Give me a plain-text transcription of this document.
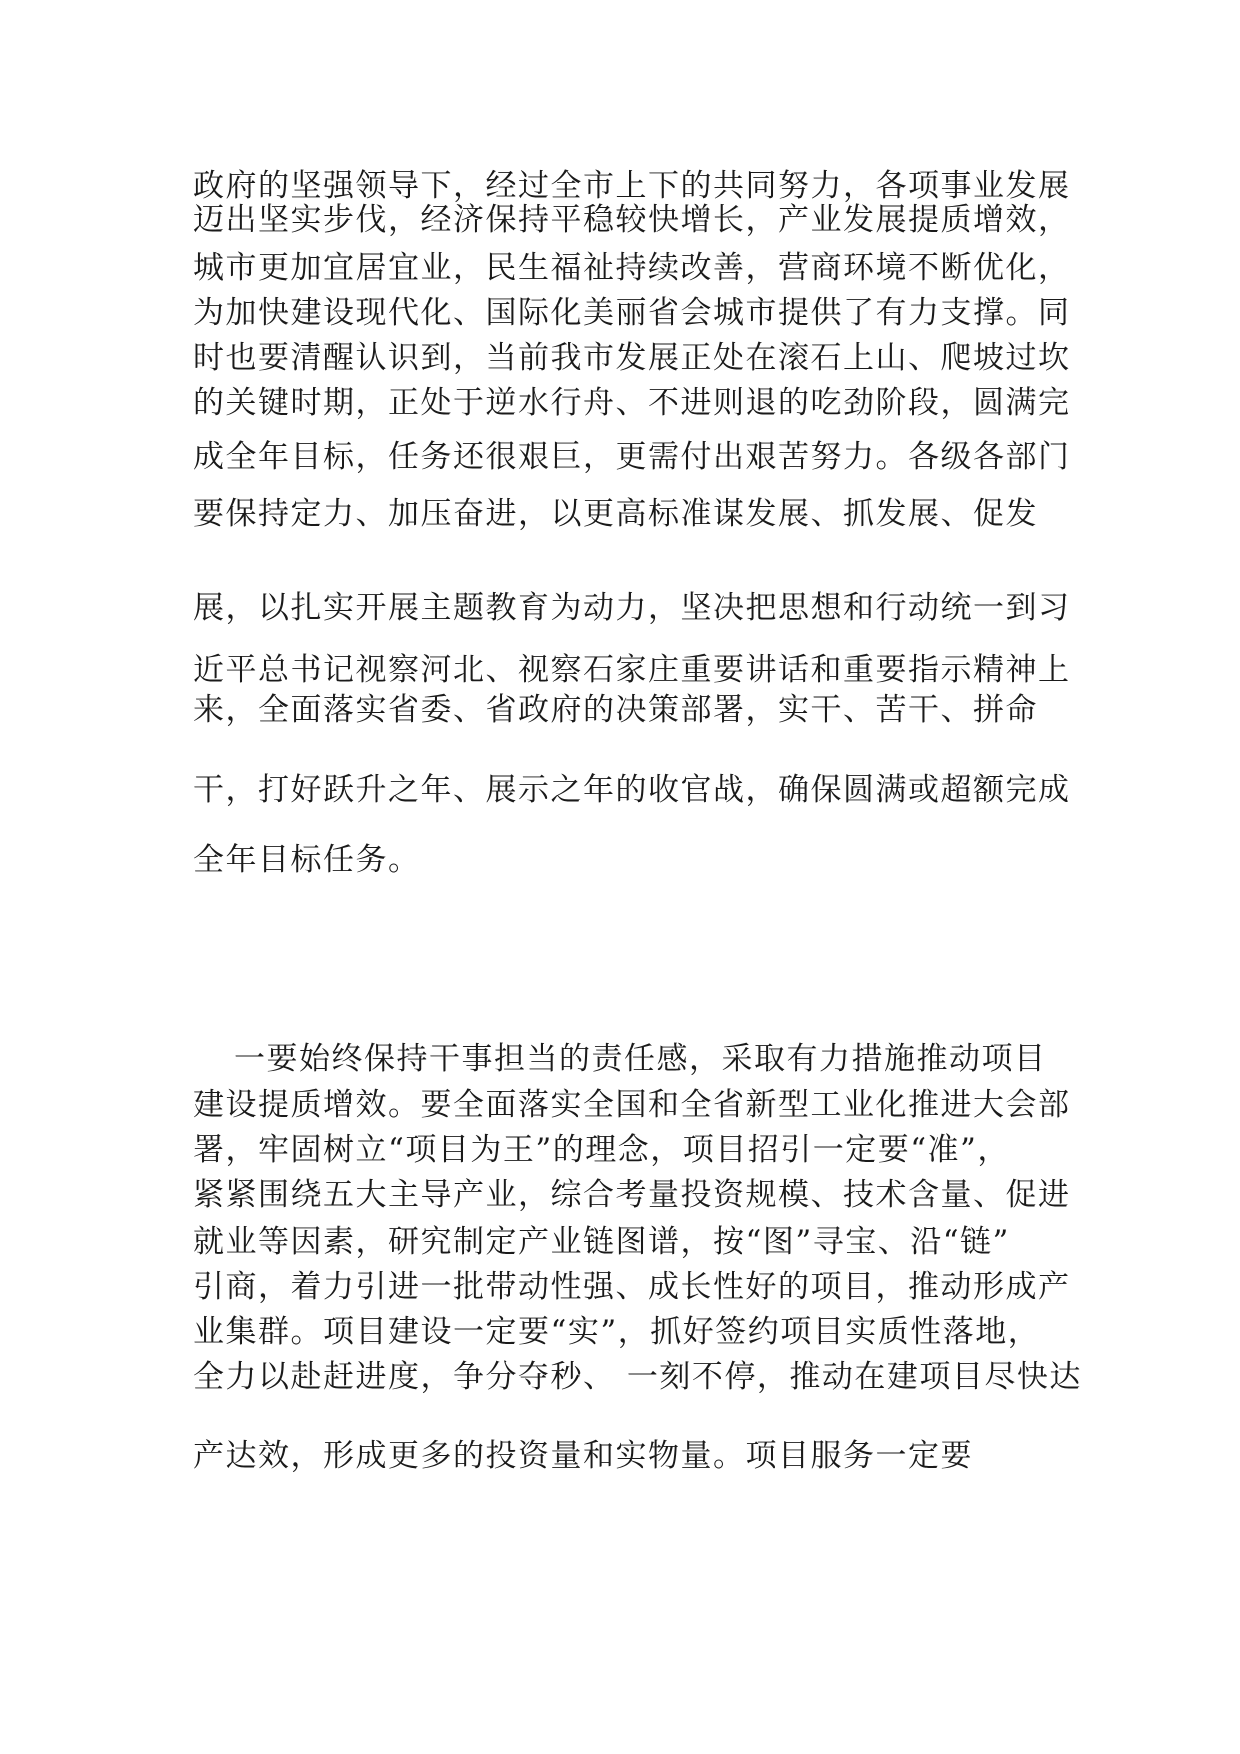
政府的坚强领导下，经过全市上下的共同努力，各项事业发展
迈出坚实步伐，经济保持平稳较快增长，产业发展提质增效，
城市更加宜居宜业，民生福祉持续改善，营商环境不断优化，
为加快建设现代化、国际化美丽省会城市提供了有力支撑。同
时也要清醒认识到，当前我市发展正处在滚石上山、爬坡过坎
的关键时期，正处于逆水行舟、不进则退的吃劲阶段，圆满完
成全年目标，任务还很艰巨，更需付出艰苦努力。各级各部门
要保持定力、加压奋进，以更高标准谋发展、抓发展、促发
展，以扎实开展主题教育为动力，坚决把思想和行动统一到习
近平总书记视察河北、视察石家庄重要讲话和重要指示精神上
来，全面落实省委、省政府的决策部署，实干、苦干、拼命
干，打好跃升之年、展示之年的收官战，确保圆满或超额完成
全年目标任务。
一要始终保持干事担当的责任感，采取有力措施推动项目
建设提质增效。要全面落实全国和全省新型工业化推进大会部
署，牢固树立“项目为王”的理念，项目招引一定要“准”，
紧紧围绕五大主导产业，综合考量投资规模、技术含量、促进
就业等因素，研究制定产业链图谱，按“图”寻宝、沿“链”
引商，着力引进一批带动性强、成长性好的项目，推动形成产
业集群。项目建设一定要“实”，抓好签约项目实质性落地，
全力以赴赶进度，争分夺秒、 一刻不停，推动在建项目尽快达
产达效，形成更多的投资量和实物量。项目服务一定要
